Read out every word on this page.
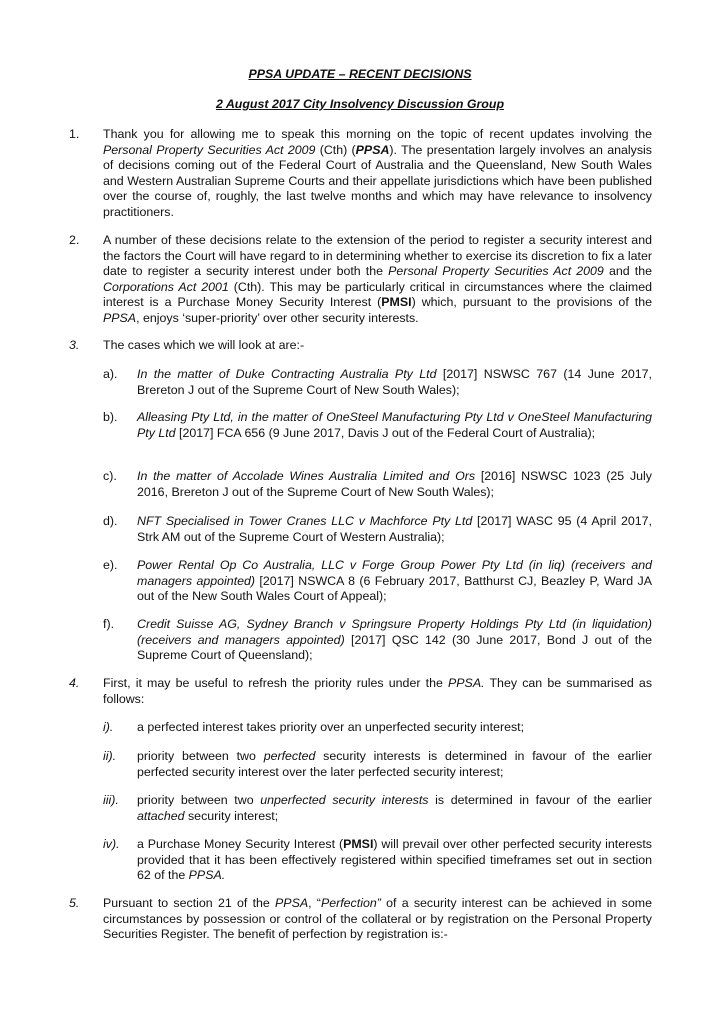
PPSA UPDATE – RECENT DECISIONS
2 August 2017 City Insolvency Discussion Group
1. Thank you for allowing me to speak this morning on the topic of recent updates involving the Personal Property Securities Act 2009 (Cth) (PPSA). The presentation largely involves an analysis of decisions coming out of the Federal Court of Australia and the Queensland, New South Wales and Western Australian Supreme Courts and their appellate jurisdictions which have been published over the course of, roughly, the last twelve months and which may have relevance to insolvency practitioners.
2. A number of these decisions relate to the extension of the period to register a security interest and the factors the Court will have regard to in determining whether to exercise its discretion to fix a later date to register a security interest under both the Personal Property Securities Act 2009 and the Corporations Act 2001 (Cth). This may be particularly critical in circumstances where the claimed interest is a Purchase Money Security Interest (PMSI) which, pursuant to the provisions of the PPSA, enjoys ‘super-priority’ over other security interests.
3. The cases which we will look at are:-
a). In the matter of Duke Contracting Australia Pty Ltd [2017] NSWSC 767 (14 June 2017, Brereton J out of the Supreme Court of New South Wales);
b). Alleasing Pty Ltd, in the matter of OneSteel Manufacturing Pty Ltd v OneSteel Manufacturing Pty Ltd [2017] FCA 656 (9 June 2017, Davis J out of the Federal Court of Australia);
c). In the matter of Accolade Wines Australia Limited and Ors [2016] NSWSC 1023 (25 July 2016, Brereton J out of the Supreme Court of New South Wales);
d). NFT Specialised in Tower Cranes LLC v Machforce Pty Ltd [2017] WASC 95 (4 April 2017, Strk AM out of the Supreme Court of Western Australia);
e). Power Rental Op Co Australia, LLC v Forge Group Power Pty Ltd (in liq) (receivers and managers appointed) [2017] NSWCA 8 (6 February 2017, Batthurst CJ, Beazley P, Ward JA out of the New South Wales Court of Appeal);
f). Credit Suisse AG, Sydney Branch v Springsure Property Holdings Pty Ltd (in liquidation) (receivers and managers appointed) [2017] QSC 142 (30 June 2017, Bond J out of the Supreme Court of Queensland);
4. First, it may be useful to refresh the priority rules under the PPSA. They can be summarised as follows:
i). a perfected interest takes priority over an unperfected security interest;
ii). priority between two perfected security interests is determined in favour of the earlier perfected security interest over the later perfected security interest;
iii). priority between two unperfected security interests is determined in favour of the earlier attached security interest;
iv). a Purchase Money Security Interest (PMSI) will prevail over other perfected security interests provided that it has been effectively registered within specified timeframes set out in section 62 of the PPSA.
5. Pursuant to section 21 of the PPSA, “Perfection” of a security interest can be achieved in some circumstances by possession or control of the collateral or by registration on the Personal Property Securities Register. The benefit of perfection by registration is:-
